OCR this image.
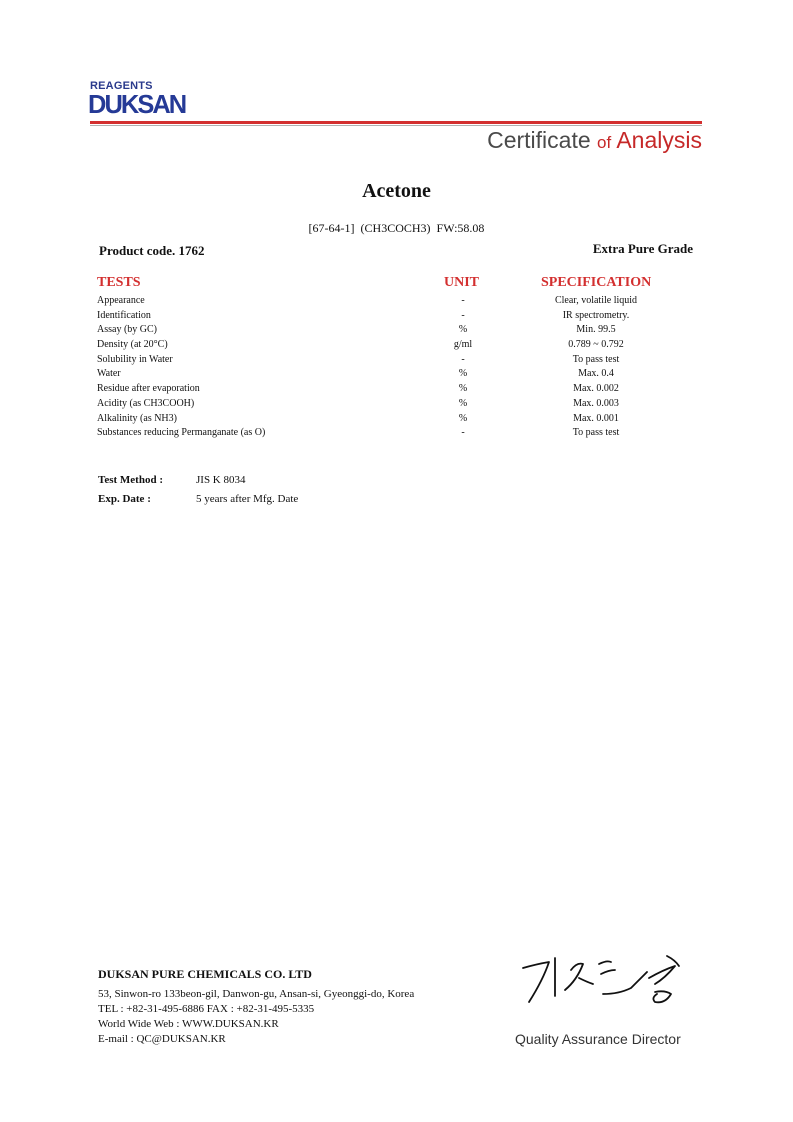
REAGENTS
DUKSAN
Certificate of Analysis
Acetone
[67-64-1] (CH3COCH3) FW:58.08
Product code. 1762	Extra Pure Grade
TESTS	UNIT	SPECIFICATION
Appearance	-	Clear, volatile liquid
Identification	-	IR spectrometry.
Assay (by GC)	%	Min. 99.5
Density (at 20°C)	g/ml	0.789 ~ 0.792
Solubility in Water	-	To pass test
Water	%	Max. 0.4
Residue after evaporation	%	Max. 0.002
Acidity (as CH3COOH)	%	Max. 0.003
Alkalinity (as NH3)	%	Max. 0.001
Substances reducing Permanganate (as O)	-	To pass test
Test Method :	JIS K 8034
Exp. Date :	5 years after Mfg. Date
DUKSAN PURE CHEMICALS CO. LTD
53, Sinwon-ro 133beon-gil, Danwon-gu, Ansan-si, Gyeonggi-do, Korea
TEL : +82-31-495-6886 FAX : +82-31-495-5335
World Wide Web : WWW.DUKSAN.KR
E-mail : QC@DUKSAN.KR	Quality Assurance Director
